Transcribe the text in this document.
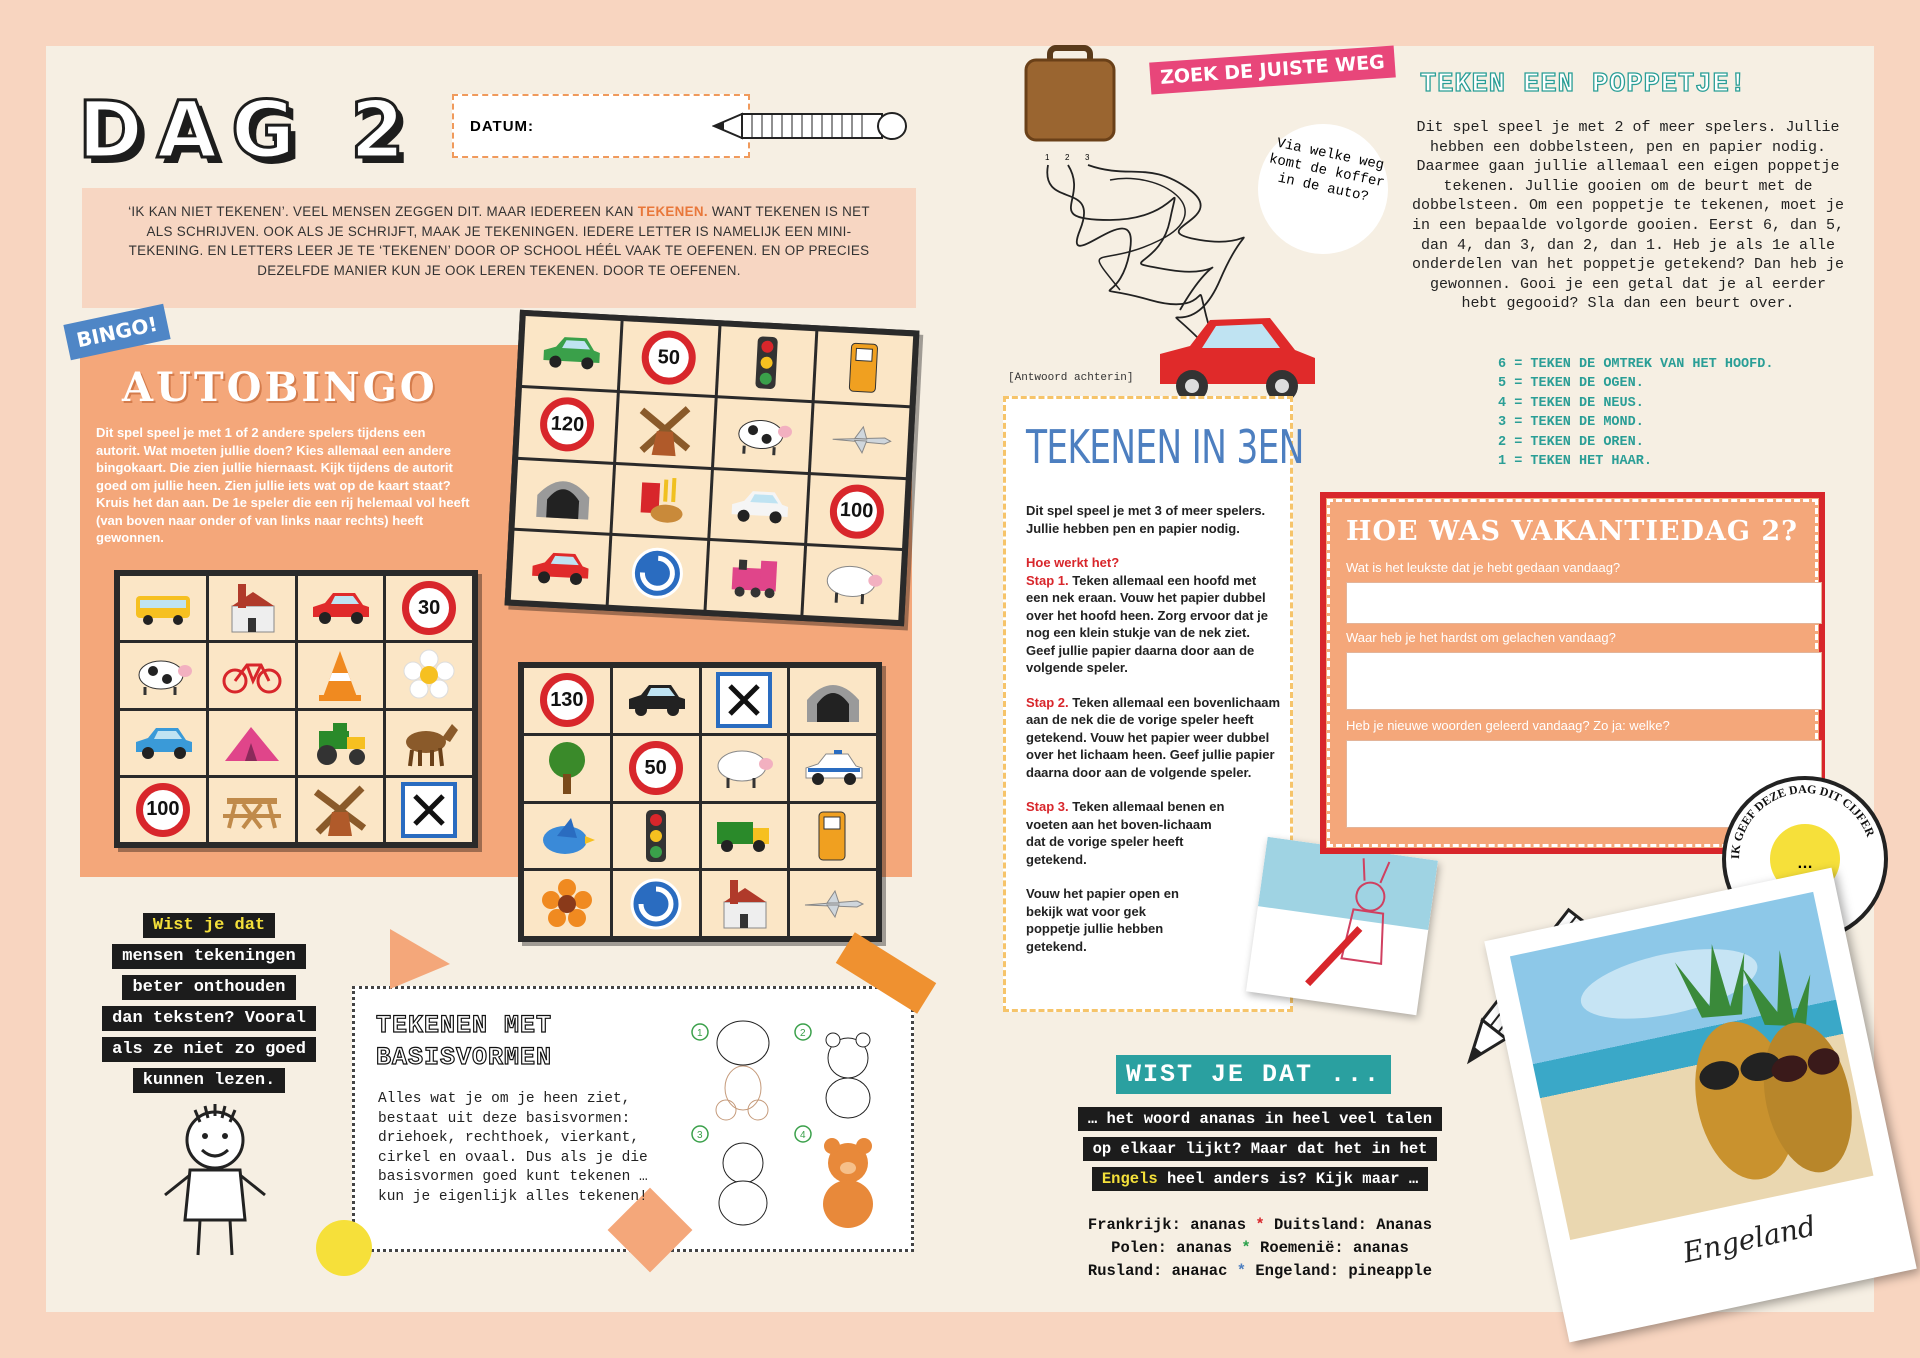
DAG 2	DATUM:
‘IK KAN NIET TEKENEN’. VEEL MENSEN ZEGGEN DIT. MAAR IEDEREEN KAN TEKENEN. WANT TEKENEN IS NET ALS SCHRIJVEN. OOK ALS JE SCHRIJFT, MAAK JE TEKENINGEN. IEDERE LETTER IS NAMELIJK EEN MINI-TEKENING. EN LETTERS LEER JE TE ‘TEKENEN’ DOOR OP SCHOOL HÉÉL VAAK TE OEFENEN. EN OP PRECIES DEZELFDE MANIER KUN JE OOK LEREN TEKENEN. DOOR TE OEFENEN.
BINGO!
AUTOBINGO
Dit spel speel je met 1 of 2 andere spelers tijdens een autorit. Wat moeten jullie doen? Kies allemaal een andere bingokaart. Die zien jullie hiernaast. Kijk tijdens de autorit goed om jullie heen. Zien jullie iets wat op de kaart staat? Kruis het dan aan. De 1e speler die een rij helemaal vol heeft (van boven naar onder of van links naar rechts) heeft gewonnen.
50
120
100
30
100
130
50
Wist je dat
mensen tekeningen
beter onthouden
dan teksten? Vooral
als ze niet zo goed
kunnen lezen.
TEKENEN MET
BASISVORMEN
Alles wat je om je heen ziet, bestaat uit deze basisvormen: driehoek, rechthoek, vierkant, cirkel en ovaal. Dus als je die basisvormen goed kunt tekenen … kun je eigenlijk alles tekenen!
1	2
3	4
ZOEK DE JUISTE WEG
1 2 3	Via welke weg komt de koffer in de auto?
[Antwoord achterin]
TEKENEN IN 3EN

Dit spel speel je met 3 of meer spelers. Jullie hebben pen en papier nodig.

Hoe werkt het?
Stap 1. Teken allemaal een hoofd met een nek eraan. Vouw het papier dubbel over het hoofd heen. Zorg ervoor dat je nog een klein stukje van de nek ziet. Geef jullie papier daarna door aan de volgende speler.

Stap 2. Teken allemaal een bovenlichaam aan de nek die de vorige speler heeft getekend. Vouw het papier weer dubbel over het lichaam heen. Geef jullie papier daarna door aan de volgende speler.

Stap 3. Teken allemaal benen en voeten aan het boven-lichaam dat de vorige speler heeft getekend.

Vouw het papier open en bekijk wat voor gek poppetje jullie hebben getekend.

TEKEN EEN POPPETJE!
Dit spel speel je met 2 of meer spelers. Jullie hebben een dobbelsteen, pen en papier nodig. Daarmee gaan jullie allemaal een eigen poppetje tekenen. Jullie gooien om de beurt met de dobbelsteen. Om een poppetje te tekenen, moet je in een bepaalde volgorde gooien. Eerst 6, dan 5, dan 4, dan 3, dan 2, dan 1. Heb je als 1e alle onderdelen van het poppetje getekend? Dan heb je gewonnen. Gooi je een getal dat je al eerder hebt gegooid? Sla dan een beurt over.
6 = TEKEN DE OMTREK VAN HET HOOFD.
5 = TEKEN DE OGEN.
4 = TEKEN DE NEUS.
3 = TEKEN DE MOND.
2 = TEKEN DE OREN.
1 = TEKEN HET HAAR.
HOE WAS VAKANTIEDAG 2?
Wat is het leukste dat je hebt gedaan vandaag?
Waar heb je het hardst om gelachen vandaag?
Heb je nieuwe woorden geleerd vandaag? Zo ja: welke?
IK GEEF DEZE DAG DIT CIJFER
…
WIST JE DAT ...
… het woord ananas in heel veel talen
op elkaar lijkt? Maar dat het in het
Engels heel anders is? Kijk maar …
Frankrijk: ananas * Duitsland: Ananas
Polen: ananas * Roemenië: ananas
Rusland: ананас * Engeland: pineapple
Engeland
